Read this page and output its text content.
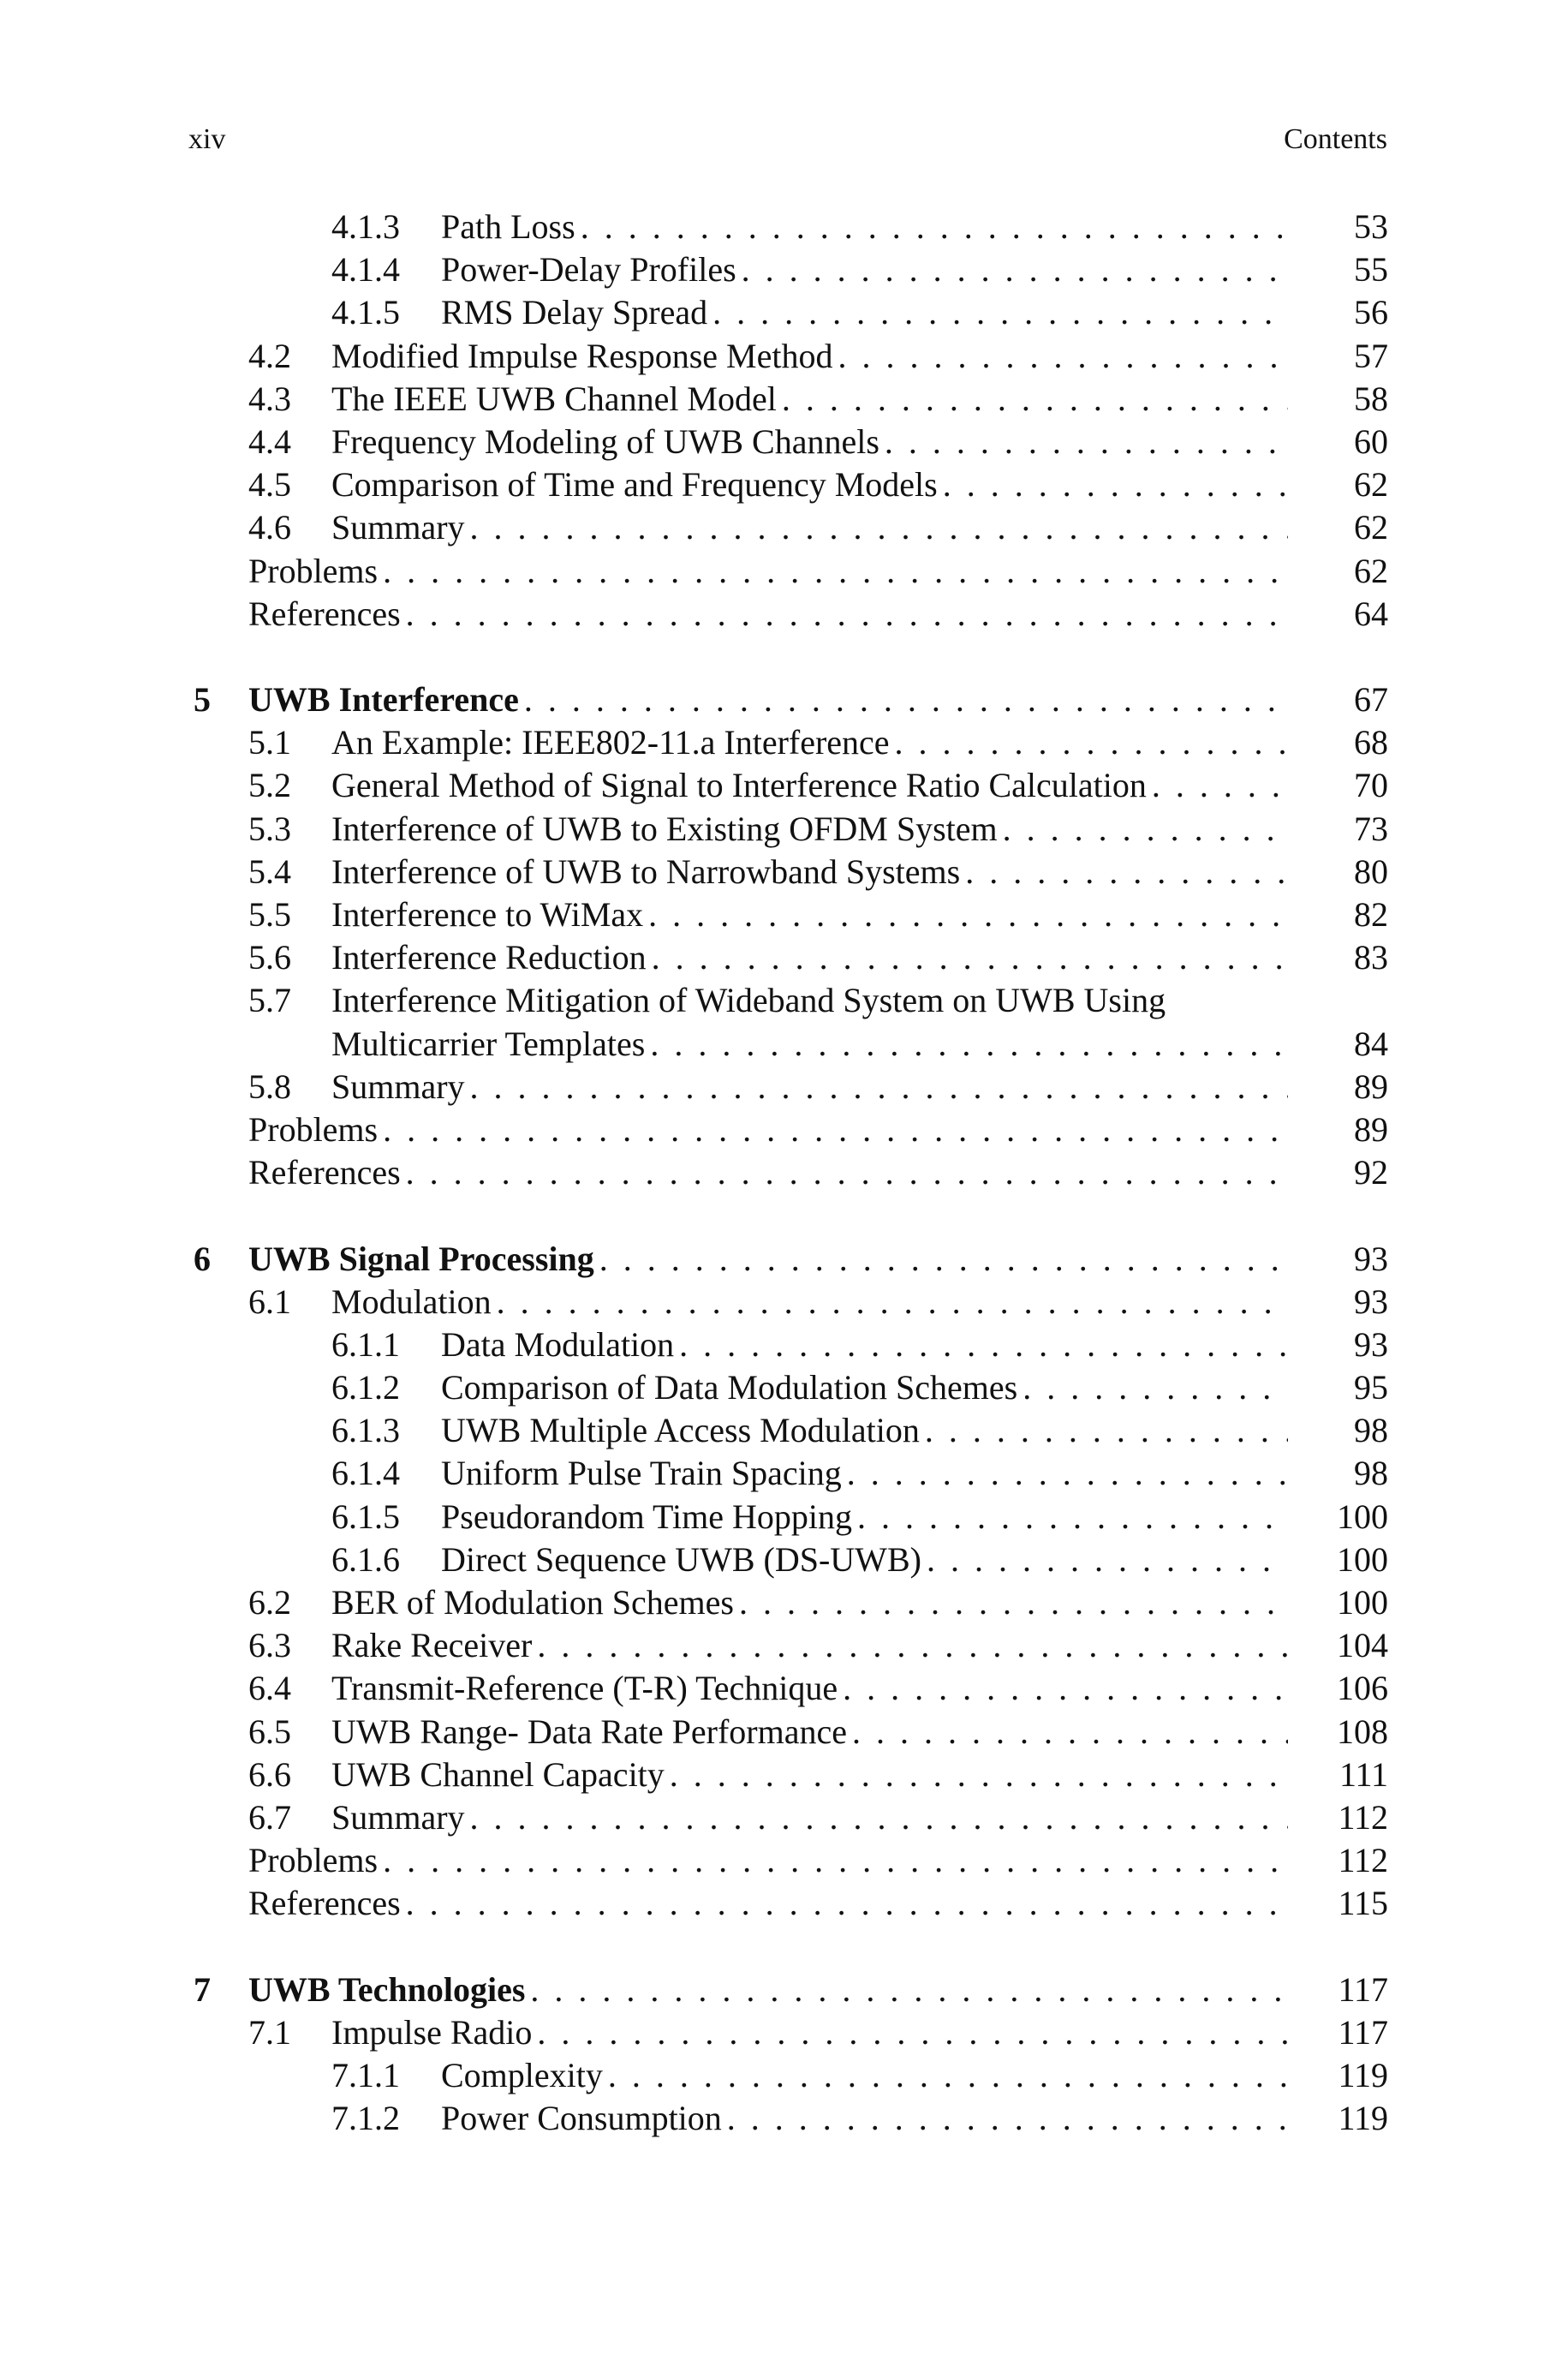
xiv	Contents
4.1.3 Path Loss . . .	53
4.1.4 Power-Delay Profiles . . .	55
4.1.5 RMS Delay Spread . . .	56
4.2 Modified Impulse Response Method . . .	57
4.3 The IEEE UWB Channel Model . . .	58
4.4 Frequency Modeling of UWB Channels . . .	60
4.5 Comparison of Time and Frequency Models . . .	62
4.6 Summary . . .	62
Problems . . .	62
References . . .	64
5 UWB Interference . . .	67
5.1 An Example: IEEE802-11.a Interference . . .	68
5.2 General Method of Signal to Interference Ratio Calculation . . .	70
5.3 Interference of UWB to Existing OFDM System . . .	73
5.4 Interference of UWB to Narrowband Systems . . .	80
5.5 Interference to WiMax . . .	82
5.6 Interference Reduction . . .	83
5.7 Interference Mitigation of Wideband System on UWB Using
Multicarrier Templates . . .	84
5.8 Summary . . .	89
Problems . . .	89
References . . .	92
6 UWB Signal Processing . . .	93
6.1 Modulation . . .	93
6.1.1 Data Modulation . . .	93
6.1.2 Comparison of Data Modulation Schemes . . .	95
6.1.3 UWB Multiple Access Modulation . . .	98
6.1.4 Uniform Pulse Train Spacing . . .	98
6.1.5 Pseudorandom Time Hopping . . .	100
6.1.6 Direct Sequence UWB (DS-UWB) . . .	100
6.2 BER of Modulation Schemes . . .	100
6.3 Rake Receiver . . .	104
6.4 Transmit-Reference (T-R) Technique . . .	106
6.5 UWB Range- Data Rate Performance . . .	108
6.6 UWB Channel Capacity . . .	111
6.7 Summary . . .	112
Problems . . .	112
References . . .	115
7 UWB Technologies . . .	117
7.1 Impulse Radio . . .	117
7.1.1 Complexity . . .	119
7.1.2 Power Consumption . . .	119
